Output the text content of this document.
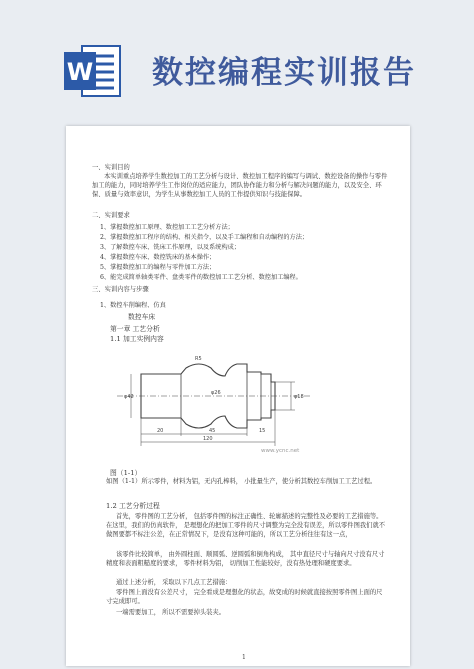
W 数控编程实训报告
一、实训目的
本实训重点培养学生数控加工的工艺分析与设计、数控加工程序的编写与调试、数控设备的操作与零件加工的能力，同时培养学生工作岗位的适应能力，团队协作能力和分析与解决问题的能力，以及安全、环保、质量与效率意识，为学生从事数控加工人员的工作提供知识与技能保障。
二、实训要求
1、掌握数控加工原理、数控加工工艺分析方法；
2、掌握数控加工程序的结构、相关指令，以及手工编程和自动编程的方法；
3、了解数控车床、铣床工作原理，以及系统构成；
4、掌握数控车床、数控铣床的基本操作；
5、掌握数控加工的编程与零件加工方法；
6、能完成简单轴类零件、盘类零件的数控加工工艺分析、数控加工编程。
三、实训内容与步骤
1、数控车削编程、仿真
数控车床
第一章 工艺分析
1.1 加工实例内容
φ42
φ26
φ18
R5
120
20	45	15
www.ycnc.net
图（1-1）
如图（1-1）所示零件，材料为铝，无内孔棒料， 小批量生产，使分析其数控车削加工工艺过程。
1.2 工艺分析过程
首先，零件图的工艺分析， 包括零件图的标注正确性、轮廓描述的完整性及必要的工艺措施等。在这里，我们的仿真软件， 是理想化的把加工零件的尺寸调整为完全没有误差，所以零件图我们就不做图要都不标注公差，在正常情况下，是没有这种可能的，所以工艺分析往往有这一点，
该零件比较简单， 由外圆柱面、顺圆弧、逆圆弧和倒角构成， 其中直径尺寸与轴向尺寸没有尺寸精度和表面粗糙度的要求， 零件材料为铝， 切削加工性能较好，没有热处理和硬度要求。
通过上述分析， 采取以下几点工艺措施：
零件图上面没有公差尺寸， 完全看成是理想化的状态，故变成的时候就直接按照零件图上面的尺寸完成即可。
一端需要加工， 所以不需要掉头装夹。
1
